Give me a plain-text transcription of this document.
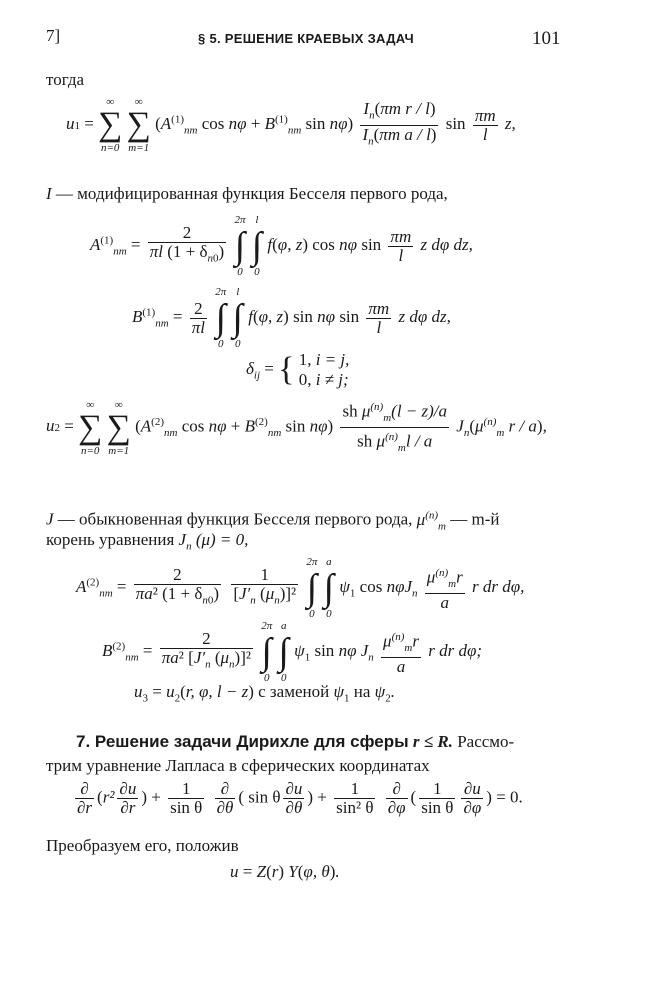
7]	§ 5. РЕШЕНИЕ КРАЕВЫХ ЗАДАЧ	101
тогда
u1 =
∞
∑
n=0

∞
∑
m=1
($A^{(1)}_{nm}$ $\cos n\varphi + B^{(1)}_{nm}$ $\sin n\varphi) \frac{I_n(\pi m r / l)}{I_n(\pi m a / l)}$ $\sin \frac{\pi m}{l} z$,
I — модифицированная функция Бесселя первого рода,
$A^{(1)}_{nm} = \frac{2}{\pi l (1 + \delta_{n0})}$

2π
∫
0

l
∫
0
f(φ, z) cos nφ $\sin \frac{\pi m}{l}$ z dφ dz,
$B^{(1)}_{nm} = \frac{2}{\pi l}$

2π
∫
0

l
∫
0
f(φ, z) sin nφ $\sin \frac{\pi m}{l}$ z dφ dz,
$\delta_{ij}$ = { 1, i = j,
0, i ≠ j;
u2 =
∞
∑
n=0

∞
∑
m=1
($A^{(2)}_{nm}$ $\cos n\varphi + B^{(2)}_{nm}$ $\sin n\varphi) \frac{sh \mu^{(n)}_m(l - z)/a}{sh \mu^{(n)}_ml / a} J_n(\mu^{(n)}_m$ r / a),
J — обыкновенная функция Бесселя первого рода, $\mu^{(n)}_m$ — m-й
корень уравнения $J_n$ (μ) = 0,
$A^{(2)}_{nm} = \frac{2}{\pi a^2 (1 + \delta_{n0})}$
$\frac{1}{[J'_n (\mu_n)]^2}$

2π
∫
0

a
∫
0
$\psi_1$ $\cos n\varphi J_n \frac{\mu^{(n)}_mr}{a}$ r dr dφ,
$B^{(2)}_{nm} = \frac{2}{\pi a^2 [J'_n (\mu_n)]^2}$

2π
∫
0

a
∫
0
$\psi_1$ sin nφ $J_n \frac{\mu^{(n)}_mr}{a}$ r dr dφ;
$u_3 = u_2(r$, φ, l − z) с заменой $\psi_1$ на $\psi_2$.
7. Решение задачи Дирихле для сферы r ≤ R. Рассмо-
трим уравнение Лапласа в сферических координатах
$\frac{\partial}{\partial r} (r^2 \frac{\partial u}{\partial r}$ ) + $\frac{1}{\text{sin θ}}$
$\frac{\partial}{\partial\theta}$ ( sin θ $\frac{\partial u}{\partial\theta}$ ) + $\frac{1}{\text{sin² θ}}$
$\frac{\partial}{\partial\varphi}$ ( $\frac{1}{\text{sin θ}} \frac{\partial u}{\partial\varphi}$ ) = 0.
Преобразуем его, положив
u = Z(r) Y(φ, θ).
